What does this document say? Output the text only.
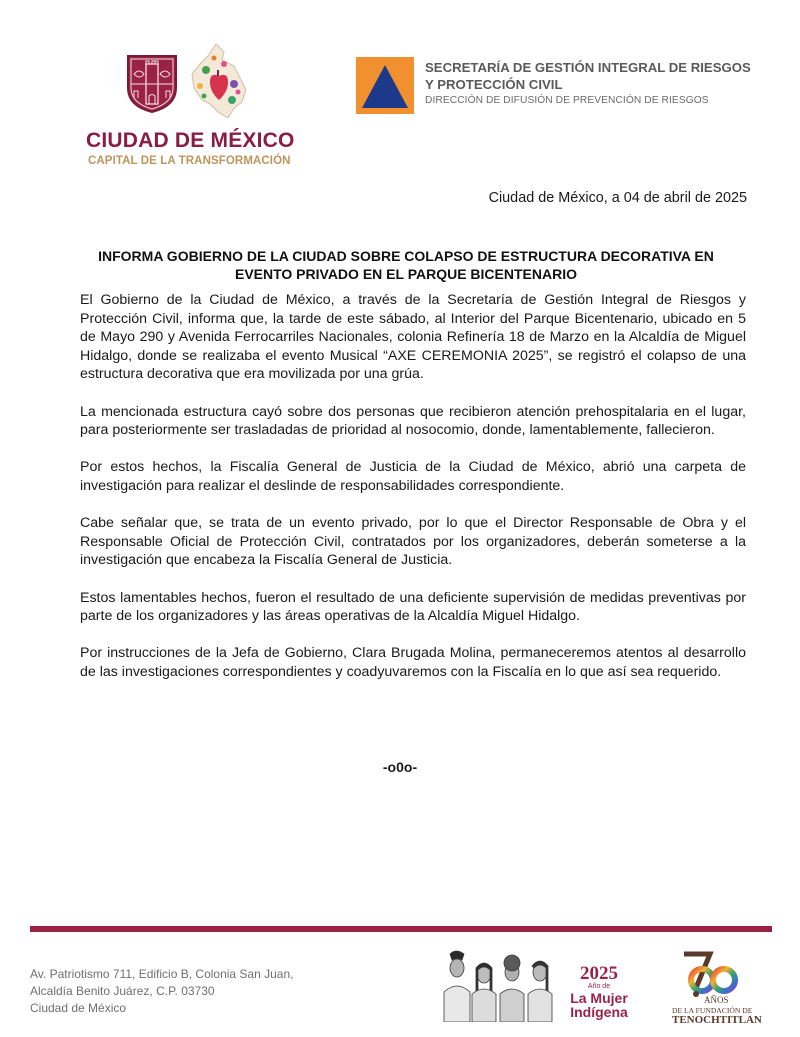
CIUDAD DE MÉXICO
CAPITAL DE LA TRANSFORMACIÓN
SECRETARÍA DE GESTIÓN INTEGRAL DE RIESGOS
Y PROTECCIÓN CIVIL
DIRECCIÓN DE DIFUSIÓN DE PREVENCIÓN DE RIESGOS
Ciudad de México, a 04 de abril de 2025
INFORMA GOBIERNO DE LA CIUDAD SOBRE COLAPSO DE ESTRUCTURA DECORATIVA EN
EVENTO PRIVADO EN EL PARQUE BICENTENARIO

El Gobierno de la Ciudad de México, a través de la Secretaría de Gestión Integral de Riesgos y Protección Civil, informa que, la tarde de este sábado, al Interior del Parque Bicentenario, ubicado en 5 de Mayo 290 y Avenida Ferrocarriles Nacionales, colonia Refinería 18 de Marzo en la Alcaldía de Miguel Hidalgo, donde se realizaba el evento Musical “AXE CEREMONIA 2025”, se registró el colapso de una estructura decorativa que era movilizada por una grúa.

La mencionada estructura cayó sobre dos personas que recibieron atención prehospitalaria en el lugar, para posteriormente ser trasladadas de prioridad al nosocomio, donde, lamentablemente, fallecieron.

Por estos hechos, la Fiscalía General de Justicia de la Ciudad de México, abrió una carpeta de investigación para realizar el deslinde de responsabilidades correspondiente.

Cabe señalar que, se trata de un evento privado, por lo que el Director Responsable de Obra y el Responsable Oficial de Protección Civil, contratados por los organizadores, deberán someterse a la investigación que encabeza la Fiscalía General de Justicia.

Estos lamentables hechos, fueron el resultado de una deficiente supervisión de medidas preventivas por parte de los organizadores y las áreas operativas de la Alcaldía Miguel Hidalgo.

Por instrucciones de la Jefa de Gobierno, Clara Brugada Molina, permaneceremos atentos al desarrollo de las investigaciones correspondientes y coadyuvaremos con la Fiscalía en lo que así sea requerido.

-o0o-
Av. Patriotismo 711, Edificio B, Colonia San Juan,
Alcaldía Benito Juárez, C.P. 03730
Ciudad de México
2025
Año de
La Mujer
Indígena
AÑOS
DE LA FUNDACIÓN DE
TENOCHTITLAN
